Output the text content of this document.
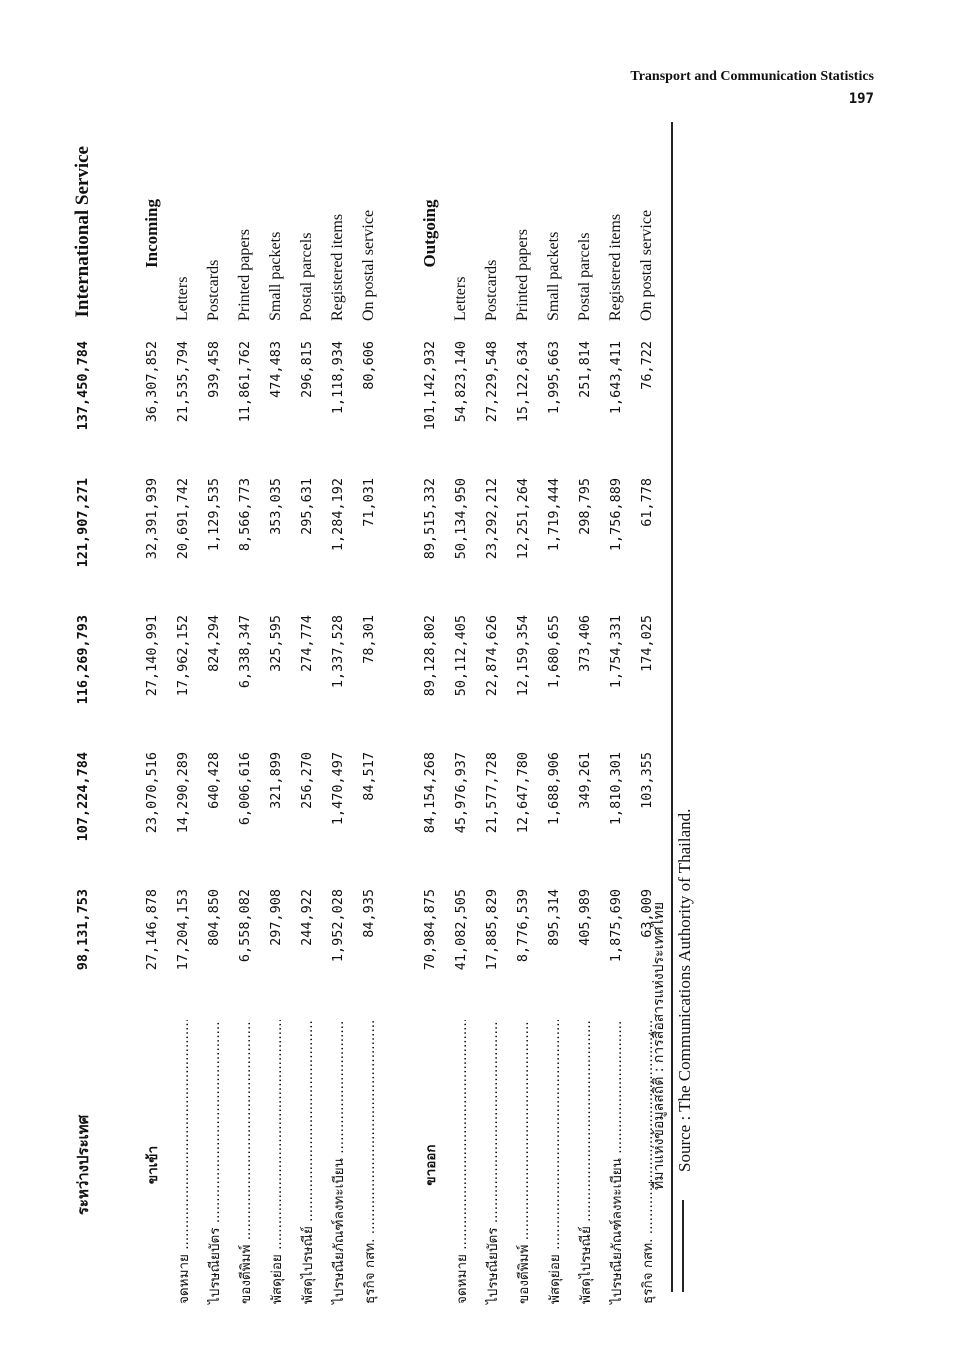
Transport and Communication Statistics
197
ระหว่างประเทศ	98,131,753	107,224,784	116,269,793	121,907,271	137,450,784	International Service

ขาเข้า	27,146,878	23,070,516	27,140,991	32,391,939	36,307,852	Incoming
จดหมาย .....	17,204,153	14,290,289	17,962,152	20,691,742	21,535,794	Letters
ไปรษณียบัตร .....	804,850	640,428	824,294	1,129,535	939,458	Postcards
ของตีพิมพ์ .....	6,558,082	6,006,616	6,338,347	8,566,773	11,861,762	Printed papers
พัสดุย่อย .....	297,908	321,899	325,595	353,035	474,483	Small packets
พัสดุไปรษณีย์ .....	244,922	256,270	274,774	295,631	296,815	Postal parcels
ไปรษณียภัณฑ์ลงทะเบียน .....	1,952,028	1,470,497	1,337,528	1,284,192	1,118,934	Registered items
ธุรกิจ กสท. .....	84,935	84,517	78,301	71,031	80,606	On postal service

ขาออก	70,984,875	84,154,268	89,128,802	89,515,332	101,142,932	Outgoing
จดหมาย .....	41,082,505	45,976,937	50,112,405	50,134,950	54,823,140	Letters
ไปรษณียบัตร .....	17,885,829	21,577,728	22,874,626	23,292,212	27,229,548	Postcards
ของตีพิมพ์ .....	8,776,539	12,647,780	12,159,354	12,251,264	15,122,634	Printed papers
พัสดุย่อย .....	895,314	1,688,906	1,680,655	1,719,444	1,995,663	Small packets
พัสดุไปรษณีย์ .....	405,989	349,261	373,406	298,795	251,814	Postal parcels
ไปรษณียภัณฑ์ลงทะเบียน .....	1,875,690	1,810,301	1,754,331	1,756,889	1,643,411	Registered items
ธุรกิจ กสท. .....	63,009	103,355	174,025	61,778	76,722	On postal service
ที่มาแห่งข้อมูลสถิติ : การสื่อสารแห่งประเทศไทย Source : The Communications Authority of Thailand.
